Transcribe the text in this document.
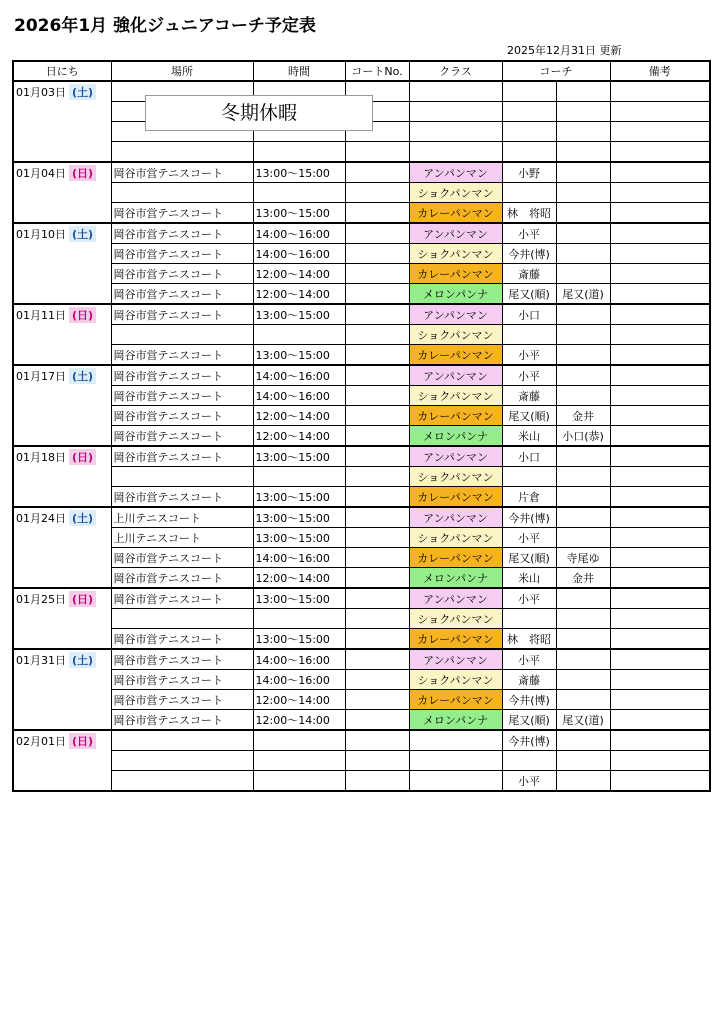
2026年1月 強化ジュニアコーチ予定表
2025年12月31日 更新
日にち	場所	時間	コートNo.	クラス	コーチ		備考
01月03日 (土)							

01月04日 (日)	岡谷市営テニスコート	13:00～15:00		アンパンマン	小野		
				ショクパンマン			
	岡谷市営テニスコート	13:00～15:00		カレーパンマン	林　将昭		
01月10日 (土)	岡谷市営テニスコート	14:00～16:00		アンパンマン	小平		
	岡谷市営テニスコート	14:00～16:00		ショクパンマン	今井(博)		
	岡谷市営テニスコート	12:00～14:00		カレーパンマン	斎藤		
	岡谷市営テニスコート	12:00～14:00		メロンパンナ	尾又(順)	尾又(道)	
01月11日 (日)	岡谷市営テニスコート	13:00～15:00		アンパンマン	小口		
				ショクパンマン			
	岡谷市営テニスコート	13:00～15:00		カレーパンマン	小平		
01月17日 (土)	岡谷市営テニスコート	14:00～16:00		アンパンマン	小平		
	岡谷市営テニスコート	14:00～16:00		ショクパンマン	斎藤		
	岡谷市営テニスコート	12:00～14:00		カレーパンマン	尾又(順)	金井	
	岡谷市営テニスコート	12:00～14:00		メロンパンナ	米山	小口(恭)	
01月18日 (日)	岡谷市営テニスコート	13:00～15:00		アンパンマン	小口		
				ショクパンマン			
	岡谷市営テニスコート	13:00～15:00		カレーパンマン	片倉		
01月24日 (土)	上川テニスコート	13:00～15:00		アンパンマン	今井(博)		
	上川テニスコート	13:00～15:00		ショクパンマン	小平		
	岡谷市営テニスコート	14:00～16:00		カレーパンマン	尾又(順)	寺尾ゆ	
	岡谷市営テニスコート	12:00～14:00		メロンパンナ	米山	金井	
01月25日 (日)	岡谷市営テニスコート	13:00～15:00		アンパンマン	小平		
				ショクパンマン			
	岡谷市営テニスコート	13:00～15:00		カレーパンマン	林　将昭		
01月31日 (土)	岡谷市営テニスコート	14:00～16:00		アンパンマン	小平		
	岡谷市営テニスコート	14:00～16:00		ショクパンマン	斎藤		
	岡谷市営テニスコート	12:00～14:00		カレーパンマン	今井(博)		
	岡谷市営テニスコート	12:00～14:00		メロンパンナ	尾又(順)	尾又(道)	
02月01日 (日)					今井(博)		

					小平		
冬期休暇
